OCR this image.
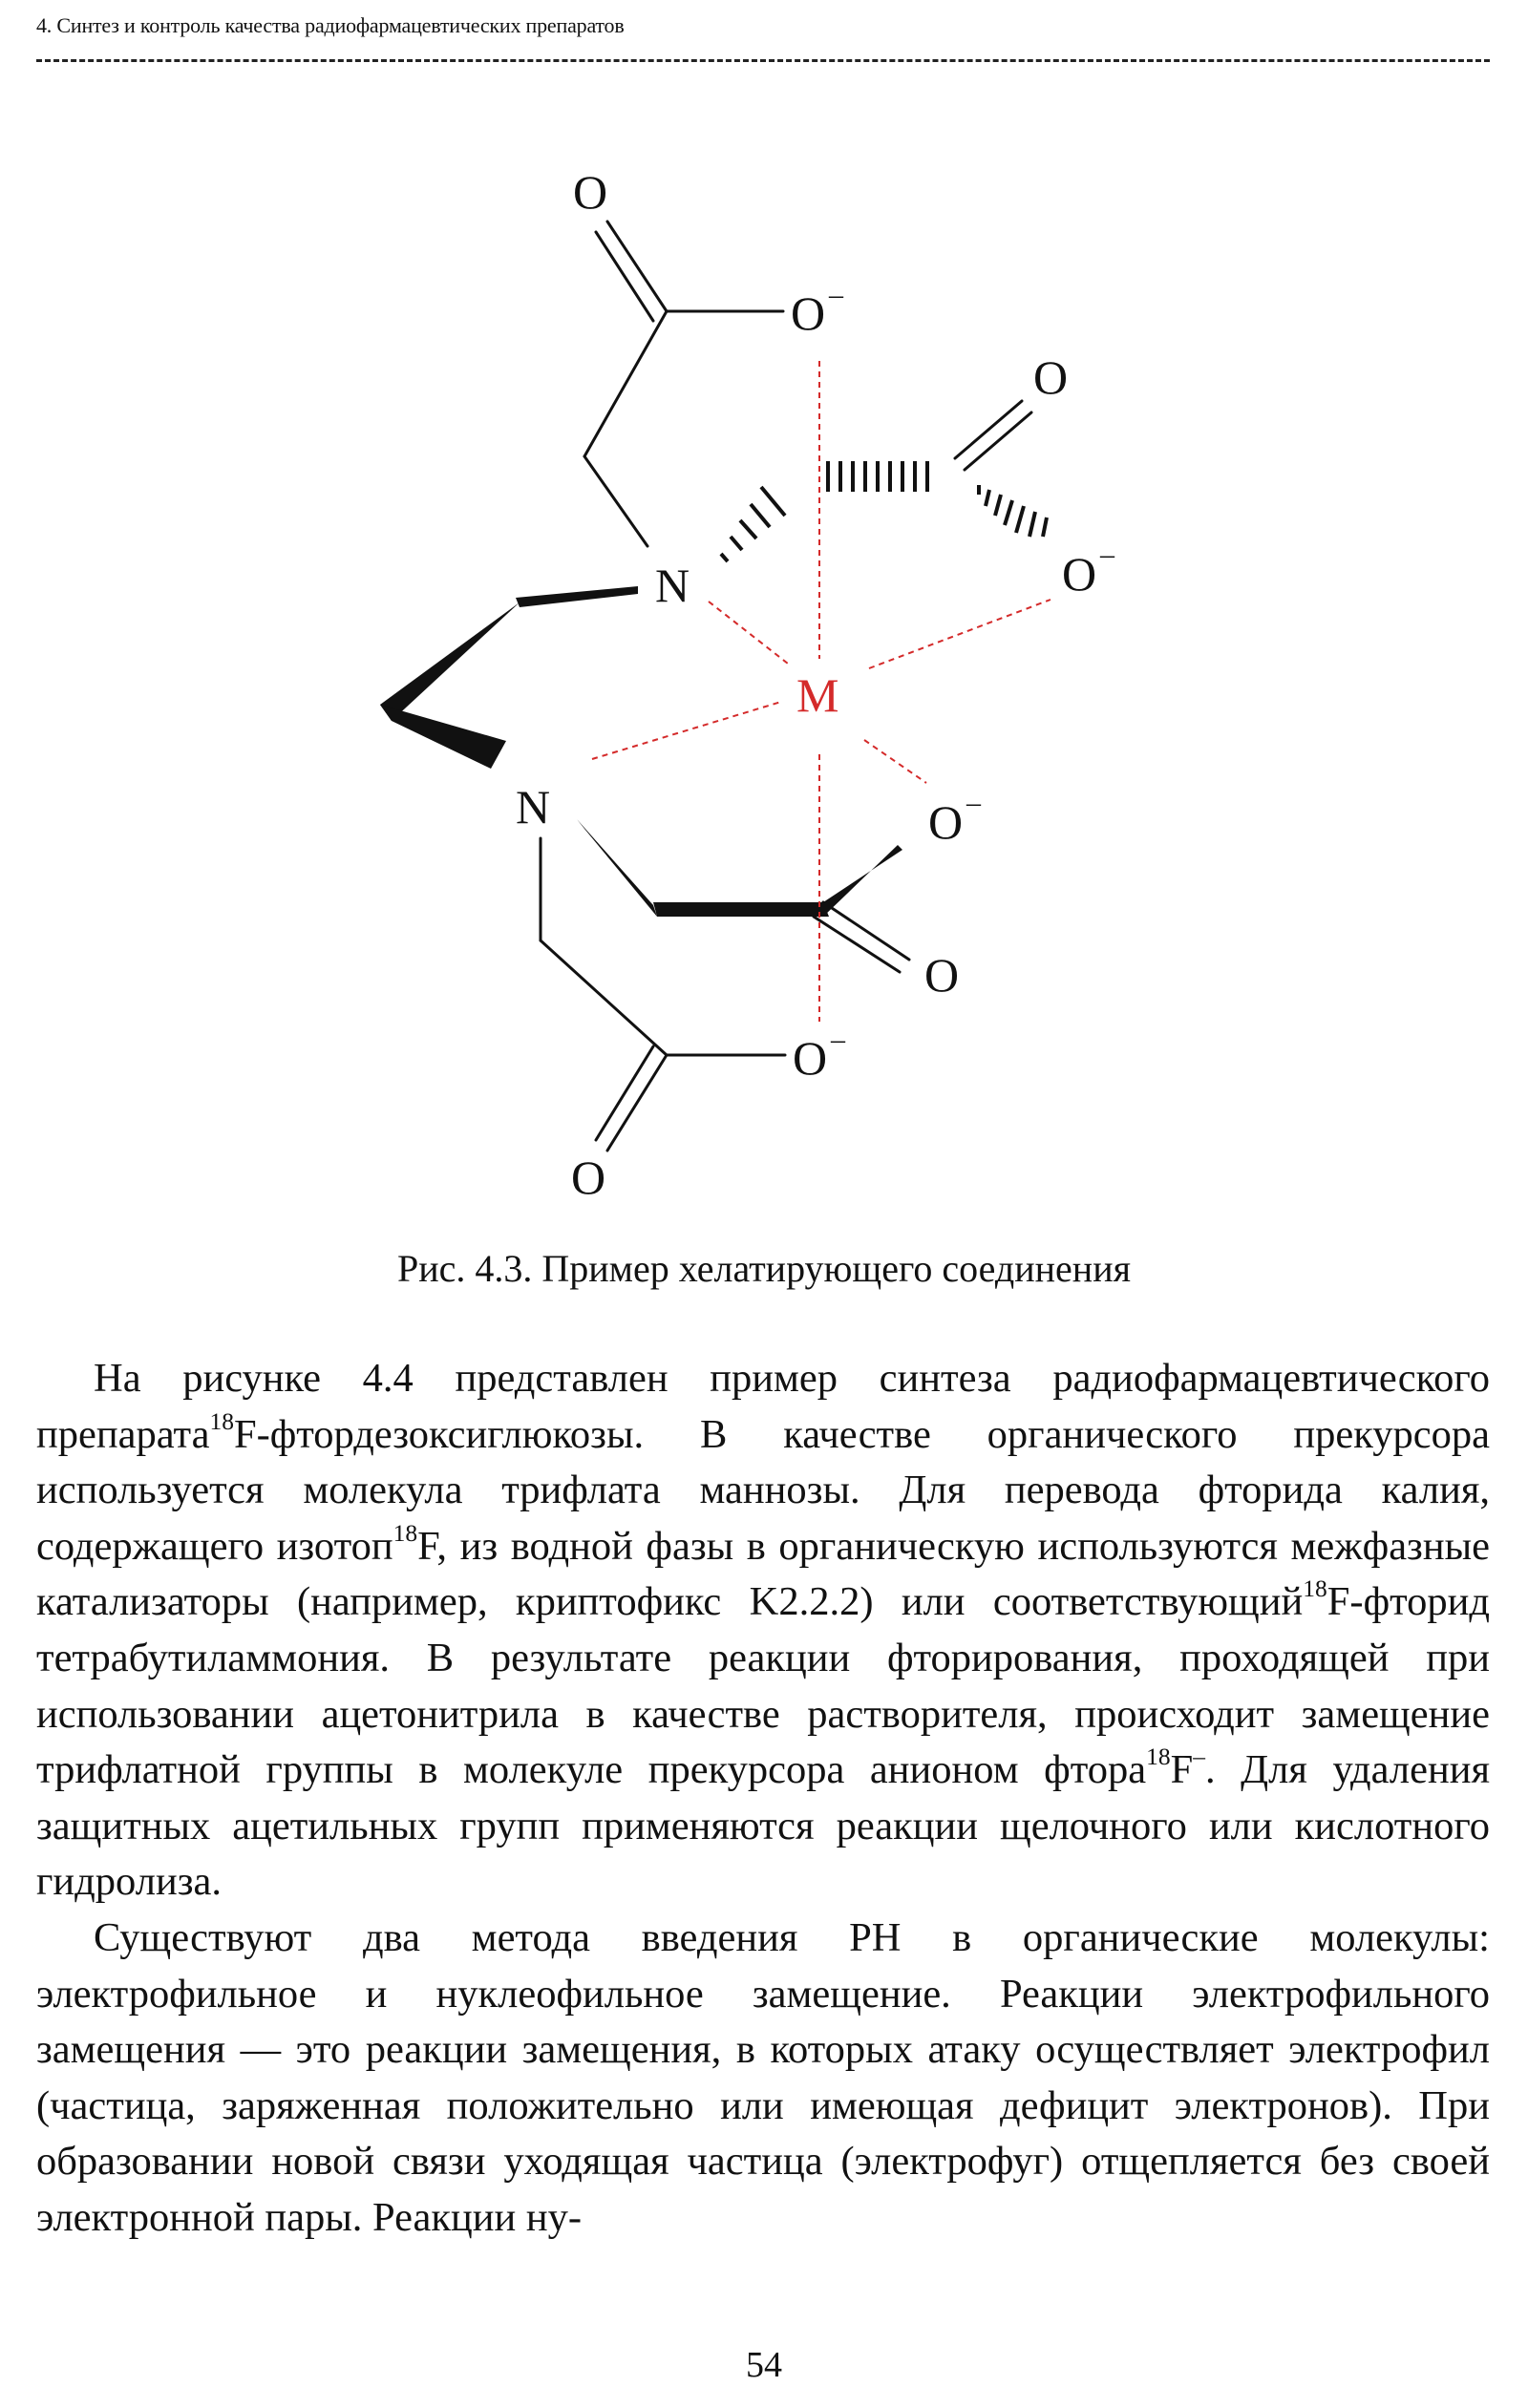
4. Синтез и контроль качества радиофармацевтических препаратов
O
O –
O
O –
N
M
N	O –
O
O –
O
Рис. 4.3. Пример хелатирующего соединения

На рисунке 4.4 представлен пример синтеза радиофармацевтического препарата$^{18}$F-фтордезоксиглюкозы. В качестве органического прекурсора используется молекула трифлата маннозы. Для перевода фторида калия, содержащего изотоп$^{18}$F, из водной фазы в органическую используются межфазные катализаторы (например, криптофикс K2.2.2) или соответствующий$^{18}$F-фторид тетрабутиламмония. В результате реакции фторирования, проходящей при использовании ацетонитрила в качестве растворителя, происходит замещение трифлатной группы в молекуле прекурсора анионом фтора$^{18}$F–. Для удаления защитных ацетильных групп применяются реакции щелочного или кислотного гидролиза.

Существуют два метода введения РН в органические молекулы: электрофильное и нуклеофильное замещение. Реакции электрофильного замещения — это реакции замещения, в которых атаку осуществляет электрофил (частица, заряженная положительно или имеющая дефицит электронов). При образовании новой связи уходящая частица (электрофуг) отщепляется без своей электронной пары. Реакции ну-

54
